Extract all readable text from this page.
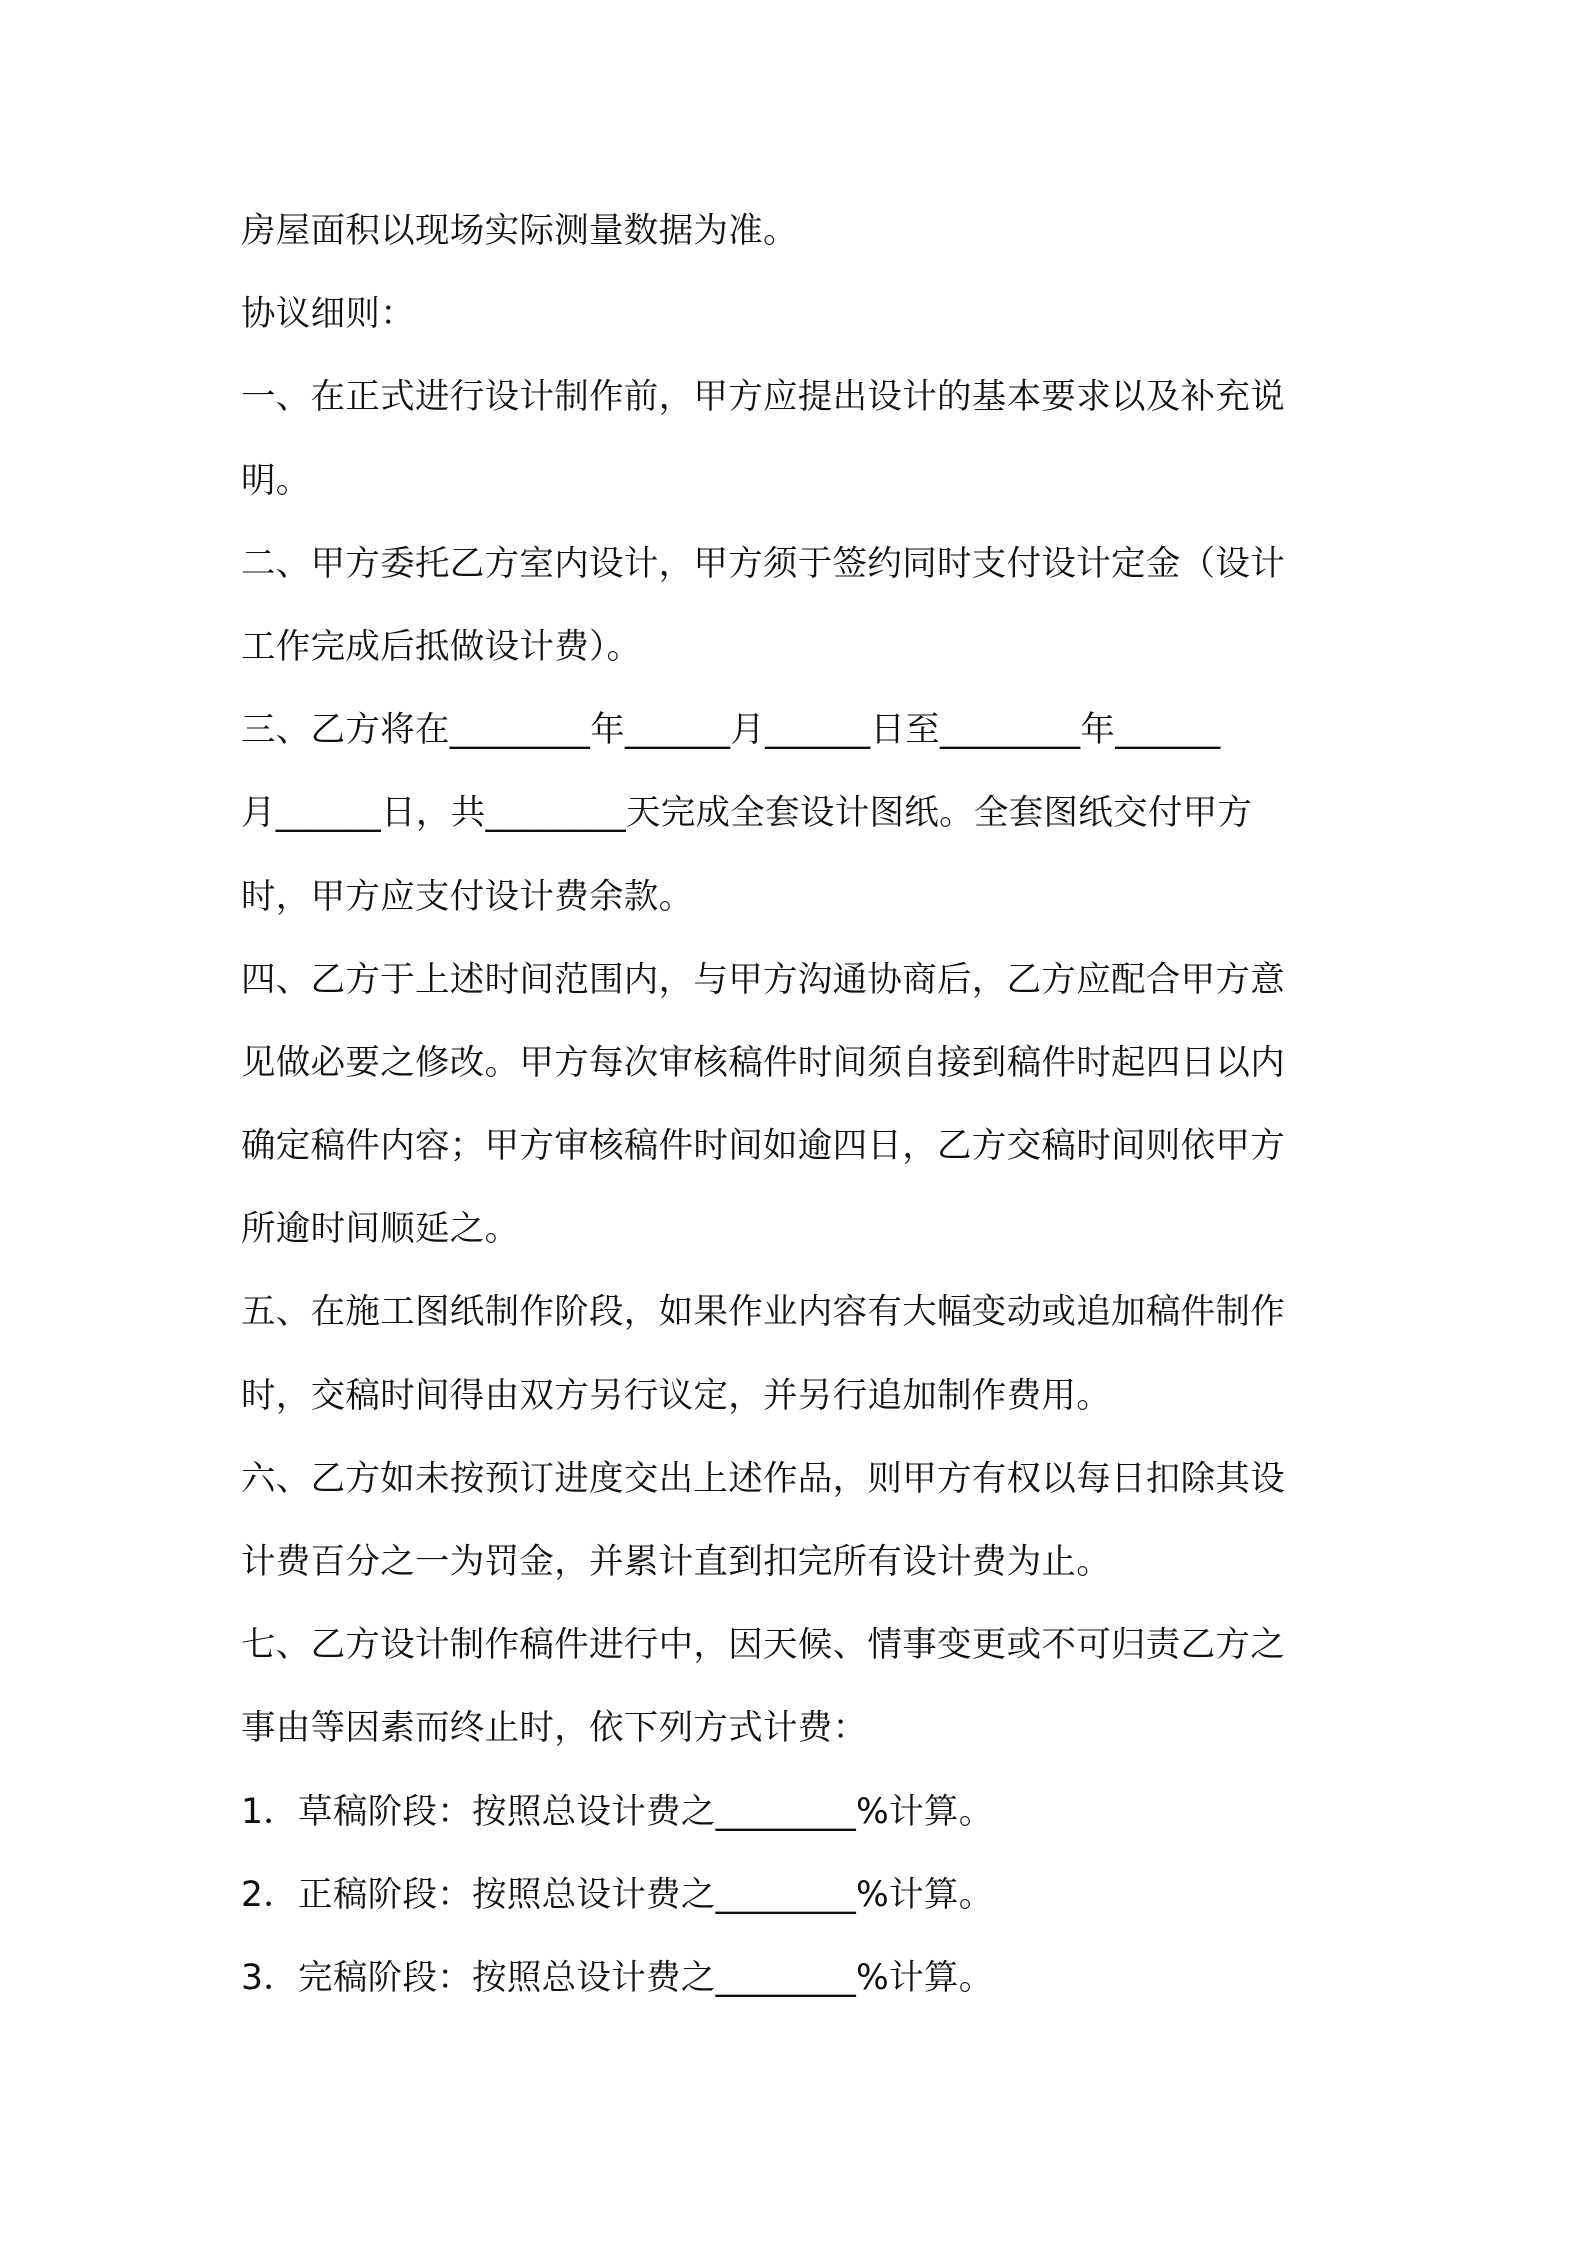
房屋面积以现场实际测量数据为准。
协议细则：
一、在正式进行设计制作前，甲方应提出设计的基本要求以及补充说
明。
二、甲方委托乙方室内设计，甲方须于签约同时支付设计定金（设计
工作完成后抵做设计费）。
三、乙方将在________年______月______日至________年______
月______日，共________天完成全套设计图纸。全套图纸交付甲方
时，甲方应支付设计费余款。
四、乙方于上述时间范围内，与甲方沟通协商后，乙方应配合甲方意
见做必要之修改。甲方每次审核稿件时间须自接到稿件时起四日以内
确定稿件内容；甲方审核稿件时间如逾四日，乙方交稿时间则依甲方
所逾时间顺延之。
五、在施工图纸制作阶段，如果作业内容有大幅变动或追加稿件制作
时，交稿时间得由双方另行议定，并另行追加制作费用。
六、乙方如未按预订进度交出上述作品，则甲方有权以每日扣除其设
计费百分之一为罚金，并累计直到扣完所有设计费为止。
七、乙方设计制作稿件进行中，因天候、情事变更或不可归责乙方之
事由等因素而终止时，依下列方式计费：
1．草稿阶段：按照总设计费之________%计算。
2．正稿阶段：按照总设计费之________%计算。
3．完稿阶段：按照总设计费之________%计算。
